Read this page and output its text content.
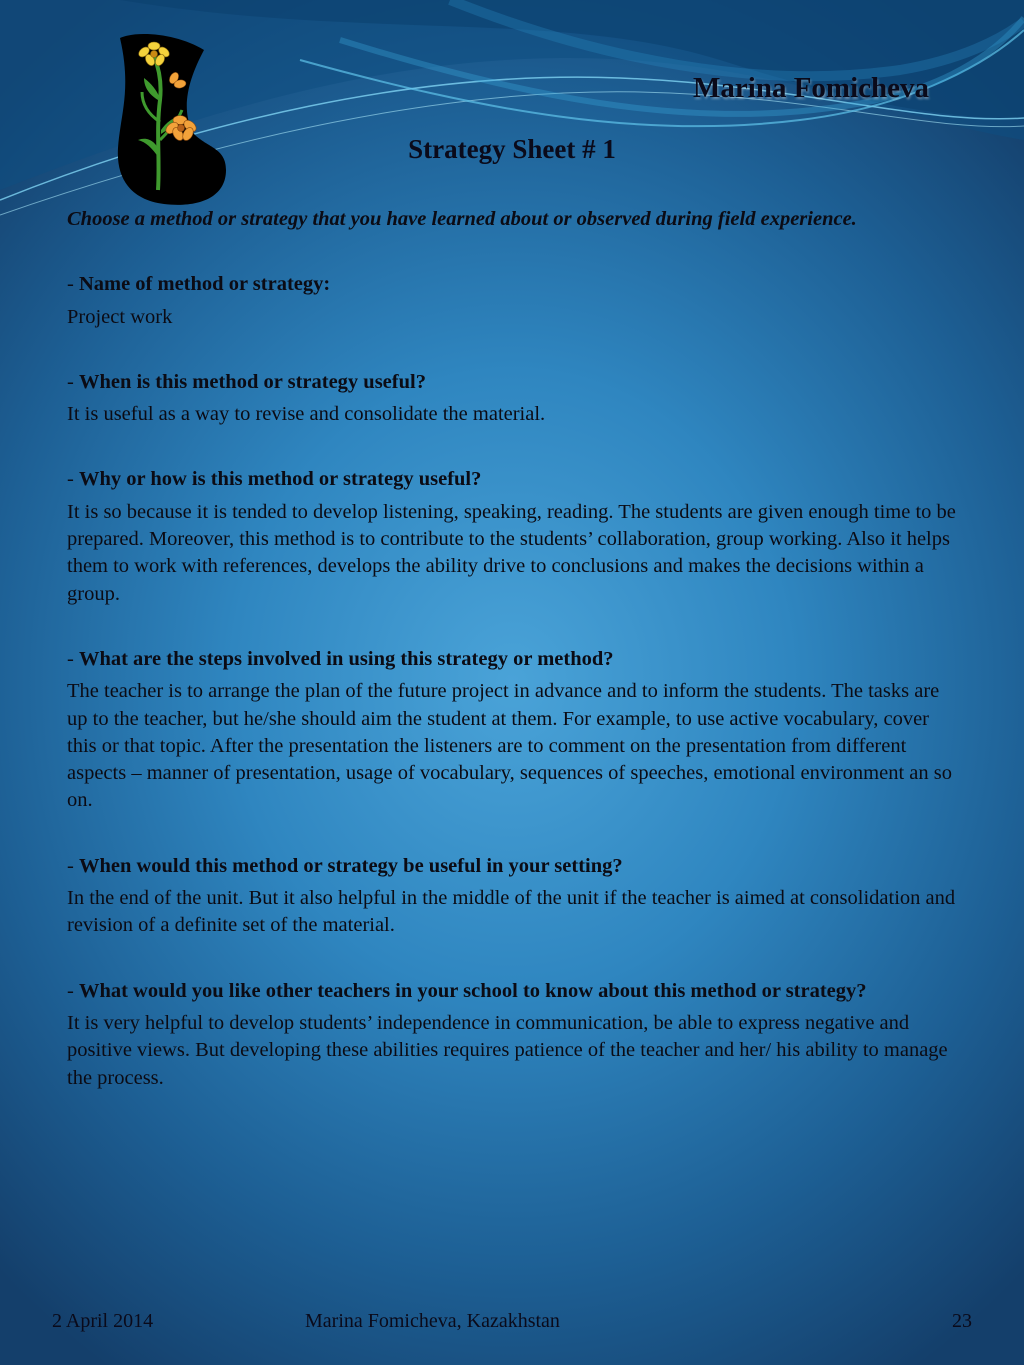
Marina Fomicheva
Strategy Sheet # 1

Choose a method or strategy that you have learned about or observed during field experience.

- Name of method or strategy:

Project work

- When is this method or strategy useful?

It is useful as a way to revise and consolidate the material.

- Why or how is this method or strategy useful?

It is so because it is tended to develop listening, speaking, reading. The students are given enough time to be prepared. Moreover, this method is to contribute to the students’ collaboration, group working. Also it helps them to work with references, develops the ability drive to conclusions and makes the decisions within a group.

- What are the steps involved in using this strategy or method?

The teacher is to arrange the plan of the future project in advance and to inform the students. The tasks are up to the teacher, but he/she should aim the student at them. For example, to use active vocabulary, cover this or that topic. After the presentation the listeners are to comment on the presentation from different aspects – manner of presentation, usage of vocabulary, sequences of speeches, emotional environment an so on.

- When would this method or strategy be useful in your setting?

In the end of the unit. But it also helpful in the middle of the unit if the teacher is aimed at consolidation and revision of a definite set of the material.

- What would you like other teachers in your school to know about this method or strategy?

It is very helpful to develop students’ independence in communication, be able to express negative and positive views. But developing these abilities requires patience of the teacher and her/ his ability to manage the process.

2 April 2014	Marina Fomicheva, Kazakhstan	23
